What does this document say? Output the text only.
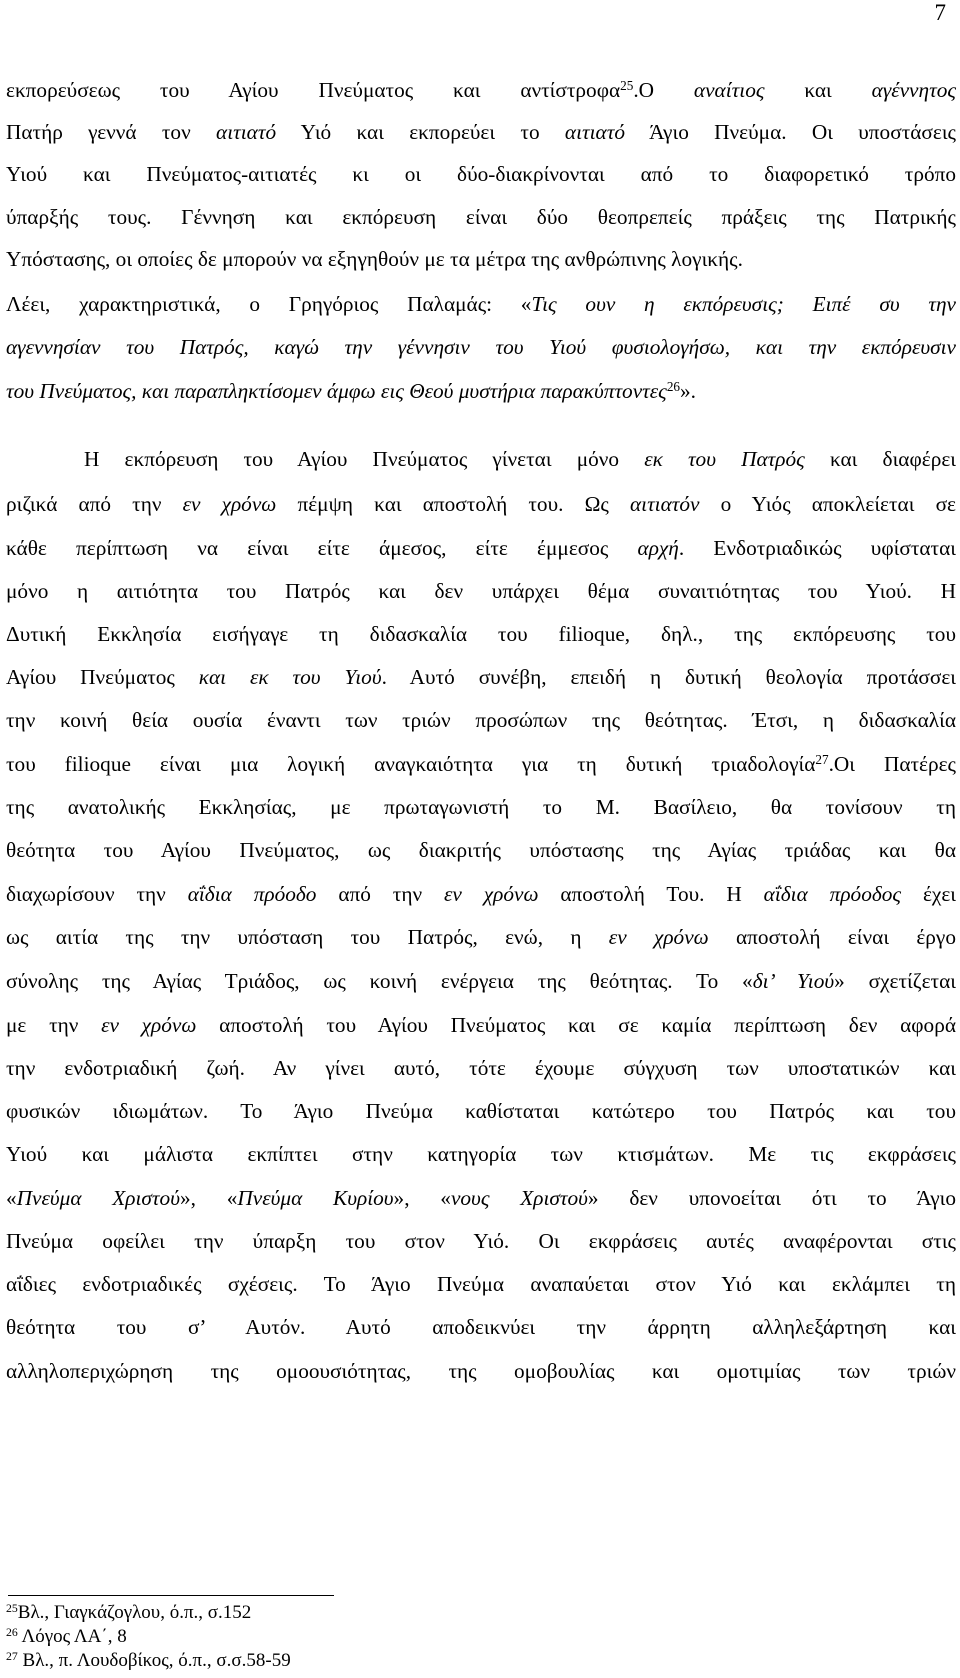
7
εκπορεύσεως του Αγίου Πνεύματος και αντίστροφα$^{25}$.Ο αναίτιος και αγέννητος
Πατήρ γεννά τον αιτιατό Υιό και εκπορεύει το αιτιατό Άγιο Πνεύμα. Οι υποστάσεις
Υιού και Πνεύματος-αιτιατές κι οι δύο-διακρίνονται από το διαφορετικό τρόπο
ύπαρξής τους. Γέννηση και εκπόρευση είναι δύο θεοπρεπείς πράξεις της Πατρικής
Υπόστασης, οι οποίες δε μπορούν να εξηγηθούν με τα μέτρα της ανθρώπινης λογικής.
Λέει, χαρακτηριστικά, ο Γρηγόριος Παλαμάς: «Τις ουν η εκπόρευσις; Ειπέ συ την
αγεννησίαν του Πατρός, καγώ την γέννησιν του Υιού φυσιολογήσω, και την εκπόρευσιν
του Πνεύματος, και παραπληκτίσομεν άμφω εις Θεού μυστήρια παρακύπτοντες$^{26}$».
Η εκπόρευση του Αγίου Πνεύματος γίνεται μόνο εκ του Πατρός και διαφέρει
ριζικά από την εν χρόνω πέμψη και αποστολή του. Ως αιτιατόν ο Υιός αποκλείεται σε
κάθε περίπτωση να είναι είτε άμεσος, είτε έμμεσος αρχή. Ενδοτριαδικώς υφίσταται
μόνο η αιτιότητα του Πατρός και δεν υπάρχει θέμα συναιτιότητας του Υιού. Η
Δυτική Εκκλησία εισήγαγε τη διδασκαλία του filioque, δηλ., της εκπόρευσης του
Αγίου Πνεύματος και εκ του Υιού. Αυτό συνέβη, επειδή η δυτική θεολογία προτάσσει
την κοινή θεία ουσία έναντι των τριών προσώπων της θεότητας. Έτσι, η διδασκαλία
του filioque είναι μια λογική αναγκαιότητα για τη δυτική τριαδολογία$^{27}$.Οι Πατέρες
της ανατολικής Εκκλησίας, με πρωταγωνιστή το Μ. Βασίλειο, θα τονίσουν τη
θεότητα του Αγίου Πνεύματος, ως διακριτής υπόστασης της Αγίας τριάδας και θα
διαχωρίσουν την αΐδια πρόοδο από την εν χρόνω αποστολή Του. Η αΐδια πρόοδος έχει
ως αιτία της την υπόσταση του Πατρός, ενώ, η εν χρόνω αποστολή είναι έργο
σύνολης της Αγίας Τριάδος, ως κοινή ενέργεια της θεότητας. Το «δι’ Υιού» σχετίζεται
με την εν χρόνω αποστολή του Αγίου Πνεύματος και σε καμία περίπτωση δεν αφορά
την ενδοτριαδική ζωή. Αν γίνει αυτό, τότε έχουμε σύγχυση των υποστατικών και
φυσικών ιδιωμάτων. Το Άγιο Πνεύμα καθίσταται κατώτερο του Πατρός και του
Υιού και μάλιστα εκπίπτει στην κατηγορία των κτισμάτων. Με τις εκφράσεις
«Πνεύμα Χριστού», «Πνεύμα Κυρίου», «νους Χριστού» δεν υπονοείται ότι το Άγιο
Πνεύμα οφείλει την ύπαρξη του στον Υιό. Οι εκφράσεις αυτές αναφέρονται στις
αΐδιες ενδοτριαδικές σχέσεις. Το Άγιο Πνεύμα αναπαύεται στον Υιό και εκλάμπει τη
θεότητα του σ’ Αυτόν. Αυτό αποδεικνύει την άρρητη αλληλεξάρτηση και
αλληλοπεριχώρηση της ομοουσιότητας, της ομοβουλίας και ομοτιμίας των τριών
$^{25}$Βλ., Γιαγκάζογλου, ό.π., σ.152
$^{26}$ Λόγος ΛΑ΄, 8
$^{27}$ Βλ., π. Λουδοβίκος, ό.π., σ.σ.58-59
